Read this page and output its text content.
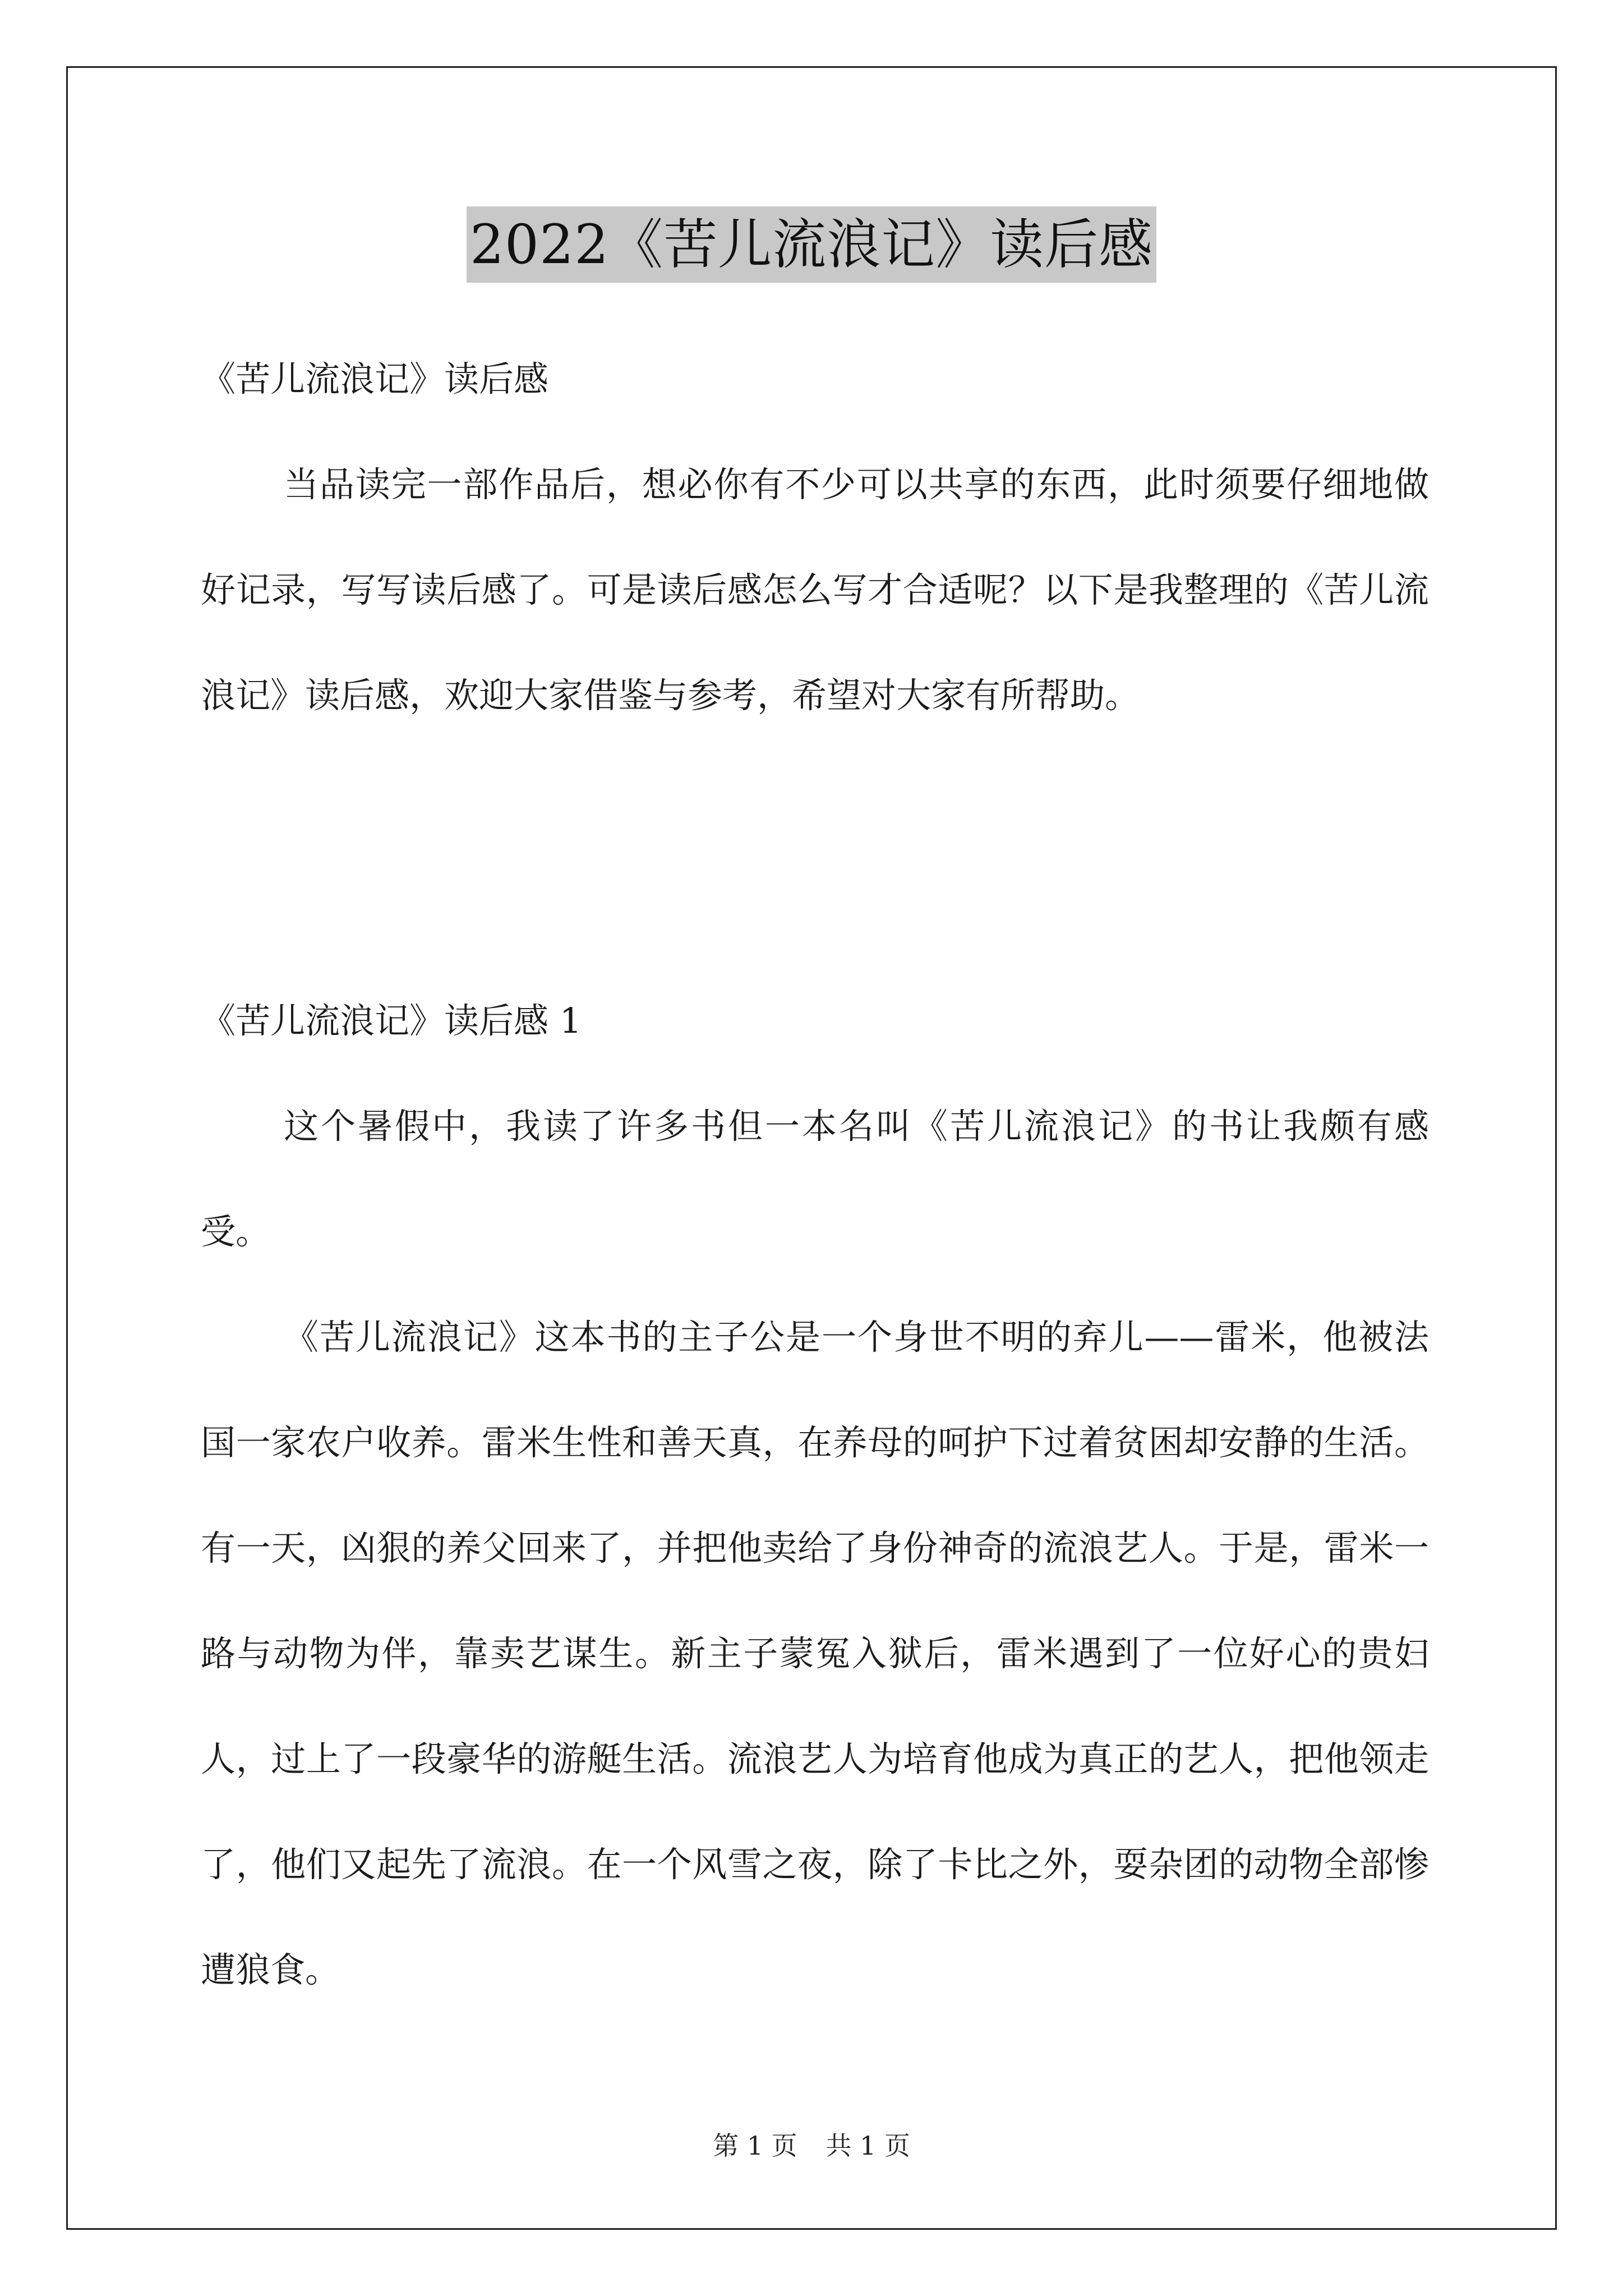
2022《苦儿流浪记》读后感

《苦儿流浪记》读后感

当品读完一部作品后，想必你有不少可以共享的东西，此时须要仔细地做好记录，写写读后感了。可是读后感怎么写才合适呢？以下是我整理的《苦儿流浪记》读后感，欢迎大家借鉴与参考，希望对大家有所帮助。

《苦儿流浪记》读后感 1

这个暑假中，我读了许多书但一本名叫《苦儿流浪记》的书让我颇有感受。

《苦儿流浪记》这本书的主子公是一个身世不明的弃儿——雷米，他被法国一家农户收养。雷米生性和善天真，在养母的呵护下过着贫困却安静的生活。有一天，凶狠的养父回来了，并把他卖给了身份神奇的流浪艺人。于是，雷米一路与动物为伴，靠卖艺谋生。新主子蒙冤入狱后，雷米遇到了一位好心的贵妇人，过上了一段豪华的游艇生活。流浪艺人为培育他成为真正的艺人，把他领走了，他们又起先了流浪。在一个风雪之夜，除了卡比之外，耍杂团的动物全部惨遭狼食。

第 1 页 共 1 页
